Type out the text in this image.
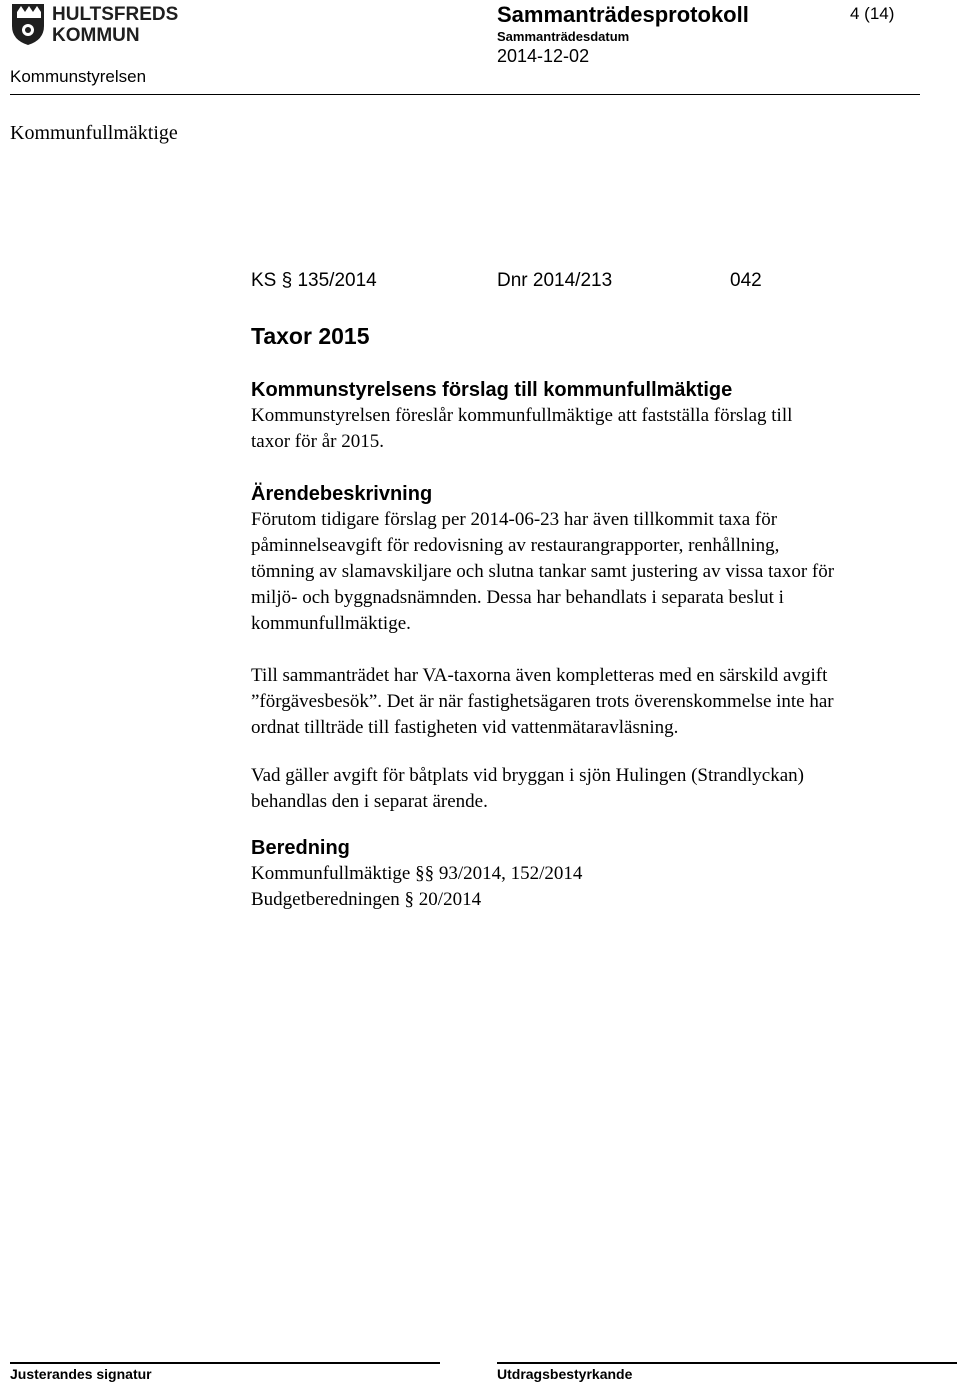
HULTSFREDS
KOMMUN
Sammanträdesprotokoll
Sammanträdesdatum
2014-12-02
4 (14)
Kommunstyrelsen
Kommunfullmäktige
KS § 135/2014	Dnr 2014/213	042
Taxor 2015
Kommunstyrelsens förslag till kommunfullmäktige

Kommunstyrelsen föreslår kommunfullmäktige att fastställa förslag till
taxor för år 2015.

Ärendebeskrivning

Förutom tidigare förslag per 2014-06-23 har även tillkommit taxa för
påminnelseavgift för redovisning av restaurangrapporter, renhållning,
tömning av slamavskiljare och slutna tankar samt justering av vissa taxor för
miljö- och byggnadsnämnden. Dessa har behandlats i separata beslut i
kommunfullmäktige.

Till sammanträdet har VA-taxorna även kompletteras med en särskild avgift
”förgävesbesök”. Det är när fastighetsägaren trots överenskommelse inte har
ordnat tillträde till fastigheten vid vattenmätaravläsning.

Vad gäller avgift för båtplats vid bryggan i sjön Hulingen (Strandlyckan)
behandlas den i separat ärende.

Beredning

Kommunfullmäktige §§ 93/2014, 152/2014

Budgetberedningen § 20/2014

Justerandes signatur	Utdragsbestyrkande
